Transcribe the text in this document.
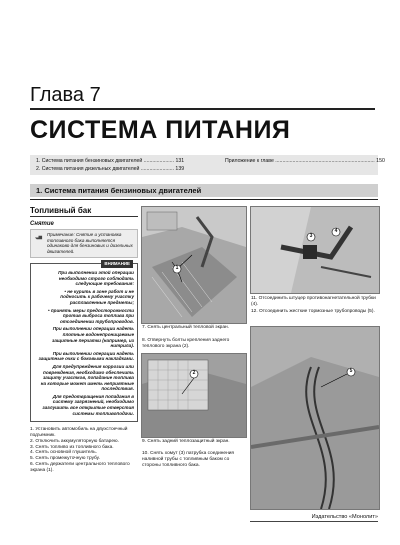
Глава 7
СИСТЕМА ПИТАНИЯ
1. Система питания бензиновых двигателей ..................... 131
2. Система питания дизельных двигателей ....................... 139
Приложение к главе ..................................................................... 150
1. Система питания бензиновых двигателей
Топливный бак
Снятие
Примечание: Снятие и установка топливного бака выполняется одинаково для бензиновых и дизельных двигателей.
ВНИМАНИЕ

При выполнении этой операции необходимо строго соблюдать следующие требования:

• не курить в зоне работ и не подносить к рабочему участку расплавленные предметы;

• принять меры предосторожности против выброса топлива при отсоединении трубопроводов.

При выполнении операции надеть плотные водонепроницаемые защитные перчатки (например, из нитрила).

При выполнении операции надеть защитные очки с боковыми накладками.

Для предупреждения коррозии или повреждения, необходимо обеспечить защиту участков, попадание топлива на которые может иметь неприятные последствия.

Для предотвращения попадания в систему загрязнений, необходимо заглушить все открытые отверстия системы топливоподачи.

1. Установить автомобиль на двухстоечный подъемник.
2. Отключить аккумуляторную батарею.
3. Снять топливо из топливного бака.
4. Снять основной глушитель.
5. Снять промежуточную трубу.
6. Снять держатели центрального теплового экрана (1).
1
7. Снять центральный тепловой экран.
8. Отвернуть болты крепления заднего теплового экрана (2).
2
9. Снять задний теплозащитный экран.
10. Снять хомут (3) патрубка соединения наливной трубы с топливным баком со стороны топливного бака.
3
4
11. Отсоединить штуцер противонагнетательной трубки (4).
12. Отсоединить жесткие тормозные трубопроводы (5).
5
Издательство «Монолит»
